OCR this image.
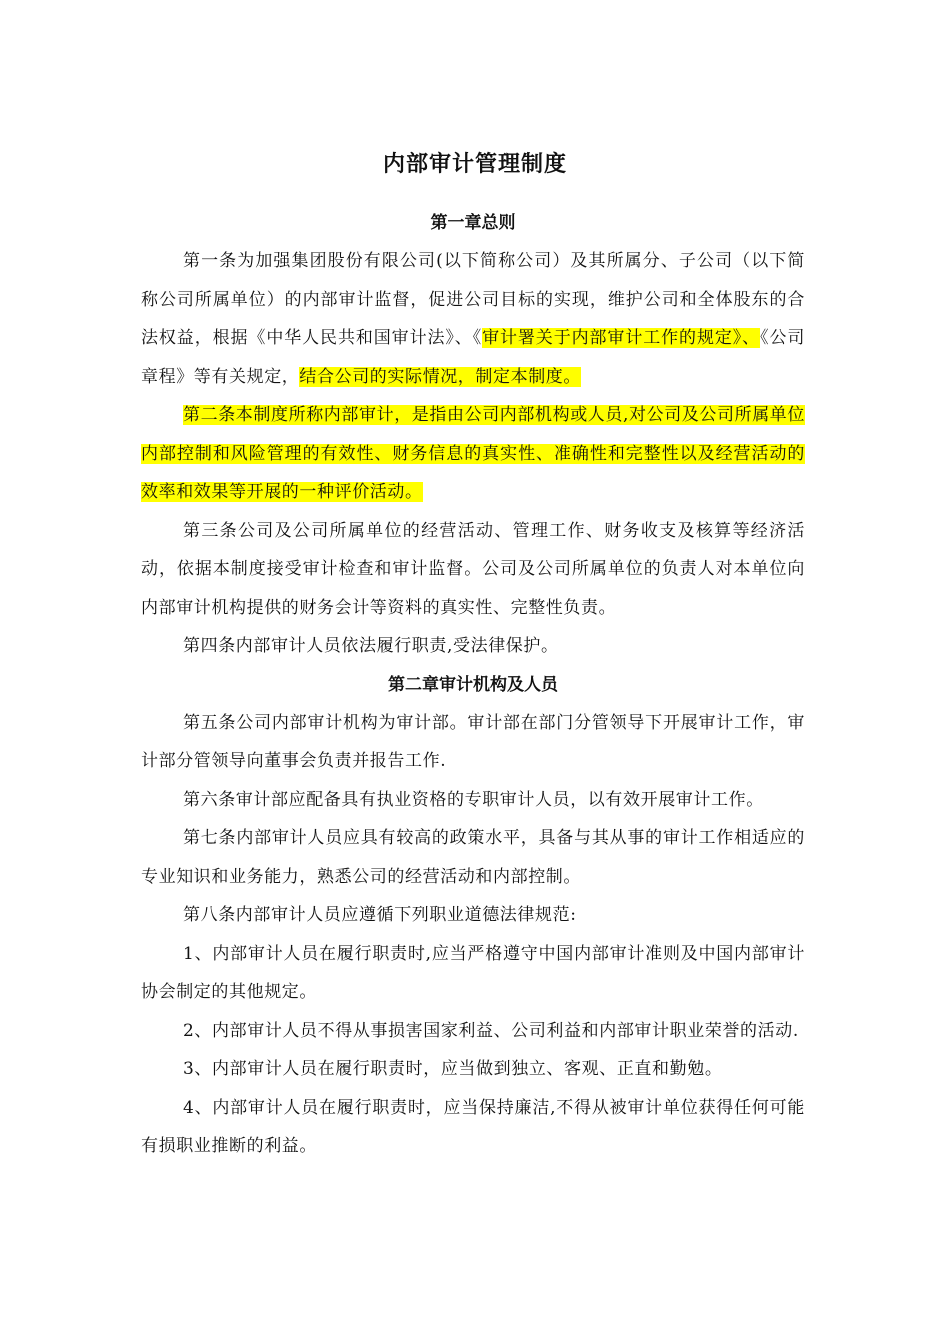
内部审计管理制度
第一章总则

第一条为加强集团股份有限公司(以下简称公司）及其所属分、子公司（以下简称公司所属单位）的内部审计监督，促进公司目标的实现，维护公司和全体股东的合法权益，根据《中华人民共和国审计法》、《审计署关于内部审计工作的规定》、《公司章程》等有关规定，结合公司的实际情况，制定本制度。

第二条本制度所称内部审计，是指由公司内部机构或人员,对公司及公司所属单位内部控制和风险管理的有效性、财务信息的真实性、准确性和完整性以及经营活动的效率和效果等开展的一种评价活动。

第三条公司及公司所属单位的经营活动、管理工作、财务收支及核算等经济活动，依据本制度接受审计检查和审计监督。公司及公司所属单位的负责人对本单位向内部审计机构提供的财务会计等资料的真实性、完整性负责。

第四条内部审计人员依法履行职责,受法律保护。

第二章审计机构及人员

第五条公司内部审计机构为审计部。审计部在部门分管领导下开展审计工作，审计部分管领导向董事会负责并报告工作.

第六条审计部应配备具有执业资格的专职审计人员，以有效开展审计工作。

第七条内部审计人员应具有较高的政策水平，具备与其从事的审计工作相适应的专业知识和业务能力，熟悉公司的经营活动和内部控制。

第八条内部审计人员应遵循下列职业道德法律规范:

1、内部审计人员在履行职责时,应当严格遵守中国内部审计准则及中国内部审计协会制定的其他规定。

2、内部审计人员不得从事损害国家利益、公司利益和内部审计职业荣誉的活动.

3、内部审计人员在履行职责时，应当做到独立、客观、正直和勤勉。

4、内部审计人员在履行职责时，应当保持廉洁,不得从被审计单位获得任何可能有损职业推断的利益。
